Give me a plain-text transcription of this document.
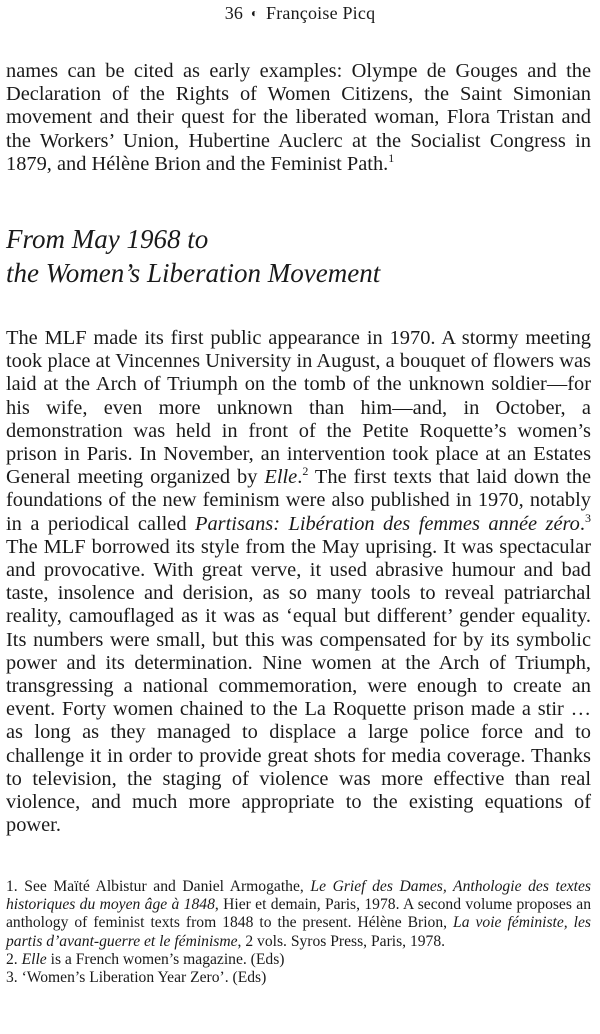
36 ◐ Françoise Picq

names can be cited as early examples: Olympe de Gouges and the Declaration of the Rights of Women Citizens, the Saint Simonian movement and their quest for the liberated woman, Flora Tristan and the Workers’ Union, Hubertine Auclerc at the Socialist Congress in 1879, and Hélène Brion and the Feminist Path.$^1$

From May 1968 to
the Women’s Liberation Movement

The MLF made its first public appearance in 1970. A stormy meeting took place at Vincennes University in August, a bouquet of flowers was laid at the Arch of Triumph on the tomb of the unknown soldier—for his wife, even more unknown than him—and, in October, a demonstration was held in front of the Petite Roquette’s women’s prison in Paris. In November, an intervention took place at an Estates General meeting organized by Elle.$^2$ The first texts that laid down the foundations of the new feminism were also published in 1970, notably in a periodical called Partisans: Libération des femmes année zéro.$^3$ The MLF borrowed its style from the May uprising. It was spectacular and provocative. With great verve, it used abrasive humour and bad taste, insolence and derision, as so many tools to reveal patriarchal reality, camouflaged as it was as ‘equal but different’ gender equality. Its numbers were small, but this was compensated for by its symbolic power and its determination. Nine women at the Arch of Triumph, transgressing a national commemoration, were enough to create an event. Forty women chained to the La Roquette prison made a stir … as long as they managed to displace a large police force and to challenge it in order to provide great shots for media coverage. Thanks to television, the staging of violence was more effective than real violence, and much more appropriate to the existing equations of power.

1. See Maïté Albistur and Daniel Armogathe, Le Grief des Dames, Anthologie des textes historiques du moyen âge à 1848, Hier et demain, Paris, 1978. A second volume proposes an anthology of feminist texts from 1848 to the present. Hélène Brion, La voie féministe, les partis d’avant-guerre et le féminisme, 2 vols. Syros Press, Paris, 1978.

2. Elle is a French women’s magazine. (Eds)

3. ‘Women’s Liberation Year Zero’. (Eds)
